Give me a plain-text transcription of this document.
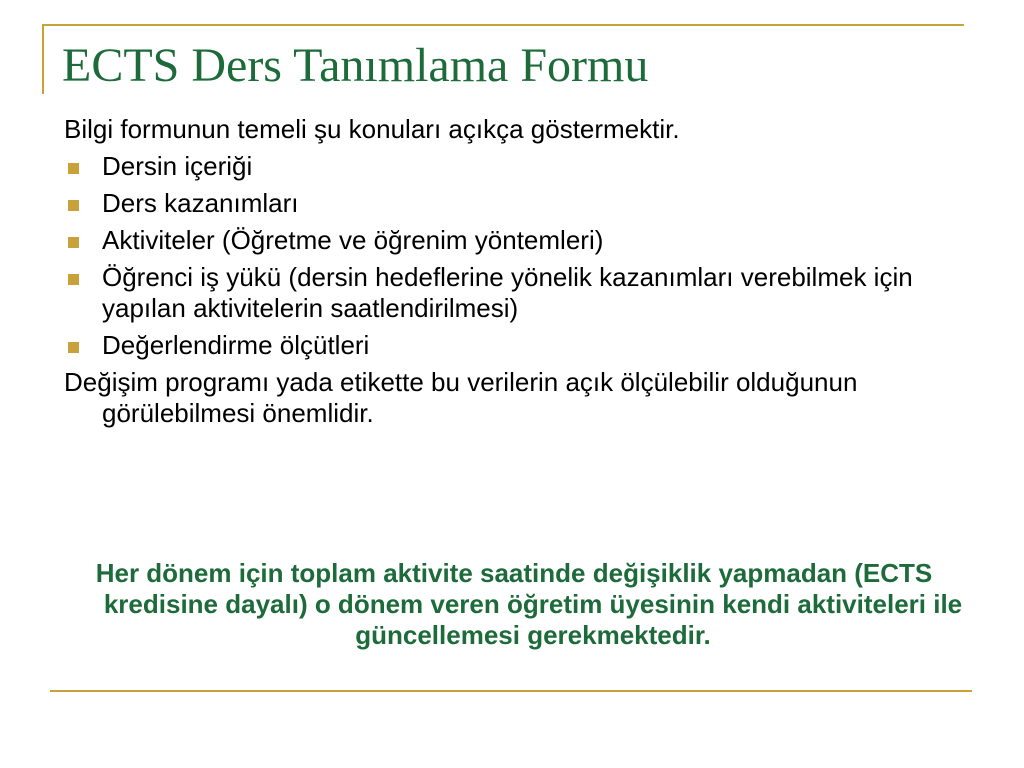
ECTS Ders Tanımlama Formu

Bilgi formunun temeli şu konuları açıkça göstermektir.

Dersin içeriği
Ders kazanımları
Aktiviteler (Öğretme ve öğrenim yöntemleri)
Öğrenci iş yükü (dersin hedeflerine yönelik kazanımları verebilmek için yapılan aktivitelerin saatlendirilmesi)
Değerlendirme ölçütleri

Değişim programı yada etikette bu verilerin açık ölçülebilir olduğunun görülebilmesi önemlidir.

Her dönem için toplam aktivite saatinde değişiklik yapmadan (ECTS kredisine dayalı) o dönem veren öğretim üyesinin kendi aktiviteleri ile güncellemesi gerekmektedir.
